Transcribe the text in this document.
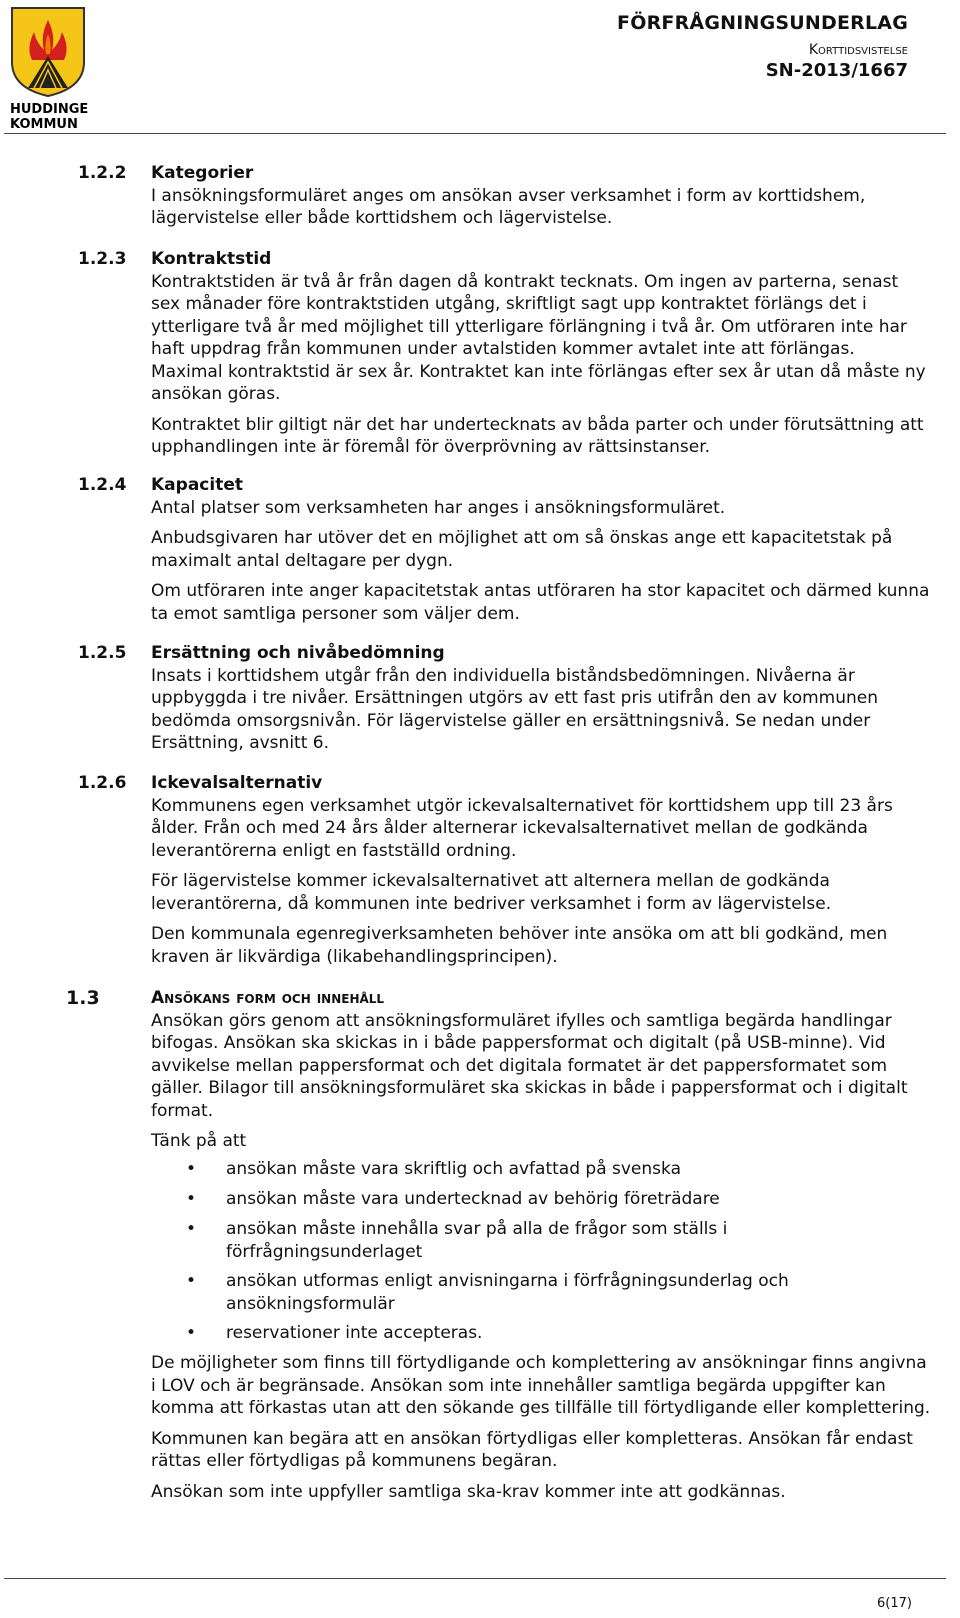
HUDDINGE
KOMMUN
FÖRFRÅGNINGSUNDERLAG
Korttidsvistelse
SN-2013/1667
1.2.2 Kategorier

I ansökningsformuläret anges om ansökan avser verksamhet i form av korttidshem, lägervistelse eller både korttidshem och lägervistelse.

1.2.3 Kontraktstid

Kontraktstiden är två år från dagen då kontrakt tecknats. Om ingen av parterna, senast sex månader före kontraktstiden utgång, skriftligt sagt upp kontraktet förlängs det i ytterligare två år med möjlighet till ytterligare förlängning i två år. Om utföraren inte har haft uppdrag från kommunen under avtalstiden kommer avtalet inte att förlängas. Maximal kontraktstid är sex år. Kontraktet kan inte förlängas efter sex år utan då måste ny ansökan göras.

Kontraktet blir giltigt när det har undertecknats av båda parter och under förutsättning att upphandlingen inte är föremål för överprövning av rättsinstanser.

1.2.4 Kapacitet

Antal platser som verksamheten har anges i ansökningsformuläret.

Anbudsgivaren har utöver det en möjlighet att om så önskas ange ett kapacitetstak på maximalt antal deltagare per dygn.

Om utföraren inte anger kapacitetstak antas utföraren ha stor kapacitet och därmed kunna ta emot samtliga personer som väljer dem.

1.2.5 Ersättning och nivåbedömning

Insats i korttidshem utgår från den individuella biståndsbedömningen. Nivåerna är uppbyggda i tre nivåer. Ersättningen utgörs av ett fast pris utifrån den av kommunen bedömda omsorgsnivån. För lägervistelse gäller en ersättningsnivå. Se nedan under Ersättning, avsnitt 6.

1.2.6 Ickevalsalternativ

Kommunens egen verksamhet utgör ickevalsalternativet för korttidshem upp till 23 års ålder. Från och med 24 års ålder alternerar ickevalsalternativet mellan de godkända leverantörerna enligt en fastställd ordning.

För lägervistelse kommer ickevalsalternativet att alternera mellan de godkända leverantörerna, då kommunen inte bedriver verksamhet i form av lägervistelse.

Den kommunala egenregiverksamheten behöver inte ansöka om att bli godkänd, men kraven är likvärdiga (likabehandlingsprincipen).

1.3	Ansökans form och innehåll

Ansökan görs genom att ansökningsformuläret ifylles och samtliga begärda handlingar bifogas. Ansökan ska skickas in i både pappersformat och digitalt (på USB-minne). Vid avvikelse mellan pappersformat och det digitala formatet är det pappersformatet som gäller. Bilagor till ansökningsformuläret ska skickas in både i pappersformat och i digitalt format.

Tänk på att

• ansökan måste vara skriftlig och avfattad på svenska
• ansökan måste vara undertecknad av behörig företrädare
• ansökan måste innehålla svar på alla de frågor som ställs i förfrågningsunderlaget
• ansökan utformas enligt anvisningarna i förfrågningsunderlag och ansökningsformulär
• reservationer inte accepteras.

De möjligheter som finns till förtydligande och komplettering av ansökningar finns angivna i LOV och är begränsade. Ansökan som inte innehåller samtliga begärda uppgifter kan komma att förkastas utan att den sökande ges tillfälle till förtydligande eller komplettering.

Kommunen kan begära att en ansökan förtydligas eller kompletteras. Ansökan får endast rättas eller förtydligas på kommunens begäran.

Ansökan som inte uppfyller samtliga ska-krav kommer inte att godkännas.

6(17)
